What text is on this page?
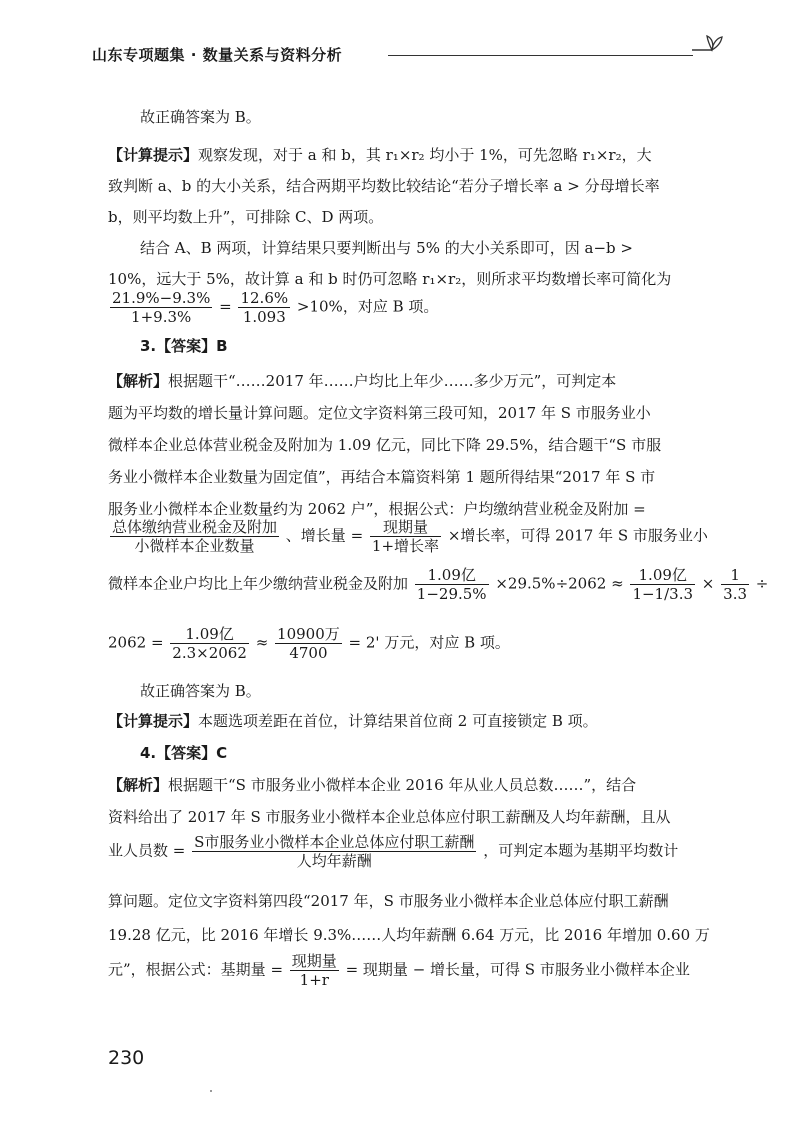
山东专项题集 · 数量关系与资料分析
故正确答案为 B。
【计算提示】观察发现，对于 a 和 b，其 r₁×r₂ 均小于 1%，可先忽略 r₁×r₂，大
致判断 a、b 的大小关系，结合两期平均数比较结论“若分子增长率 a > 分母增长率
b，则平均数上升”，可排除 C、D 两项。
结合 A、B 两项，计算结果只要判断出与 5% 的大小关系即可，因 a−b >
10%，远大于 5%，故计算 a 和 b 时仍可忽略 r₁×r₂，则所求平均数增长率可简化为
$\frac{21.9\%-9.3\%}{1+9.3\%} = \frac{12.6\%}{1.093} >10\%$，对应 B 项。
3.【答案】B
【解析】根据题干“……2017 年……户均比上年少……多少万元”，可判定本
题为平均数的增长量计算问题。定位文字资料第三段可知，2017 年 S 市服务业小
微样本企业总体营业税金及附加为 1.09 亿元，同比下降 29.5%，结合题干“S 市服
务业小微样本企业数量为固定值”，再结合本篇资料第 1 题所得结果“2017 年 S 市
服务业小微样本企业数量约为 2062 户”，根据公式：户均缴纳营业税金及附加 =
$\frac{\text{总体缴纳营业税金及附加}}{\text{小微样本企业数量}}$ 、增长量 = $\frac{\text{现期量}}{\text{1+增长率}}$ ×增长率，可得 2017 年 S 市服务业小
微样本企业户均比上年少缴纳营业税金及附加 $\frac{\text{1.09亿}}{1-29.5\%} \times 29.5\%\div 2062 \approx \frac{\text{1.09亿}}{1-1/3.3} \times \frac{1}{3.3}$ ÷
$2062 = \frac{\text{1.09亿}}{2.3\times 2062} \approx \frac{\text{10900万}}{4700} = 2'$ 万元，对应 B 项。
故正确答案为 B。
【计算提示】本题选项差距在首位，计算结果首位商 2 可直接锁定 B 项。
4.【答案】C
【解析】根据题干“S 市服务业小微样本企业 2016 年从业人员总数……”，结合
资料给出了 2017 年 S 市服务业小微样本企业总体应付职工薪酬及人均年薪酬，且从
业人员数 = $\frac{\text{S市服务业小微样本企业总体应付职工薪酬}}{\text{人均年薪酬}}$ ，可判定本题为基期平均数计
算问题。定位文字资料第四段“2017 年，S 市服务业小微样本企业总体应付职工薪酬
19.28 亿元，比 2016 年增长 9.3%……人均年薪酬 6.64 万元，比 2016 年增加 0.60 万
元”，根据公式：基期量 = $\frac{\text{现期量}}{1+r}$ = 现期量 − 增长量，可得 S 市服务业小微样本企业
230
